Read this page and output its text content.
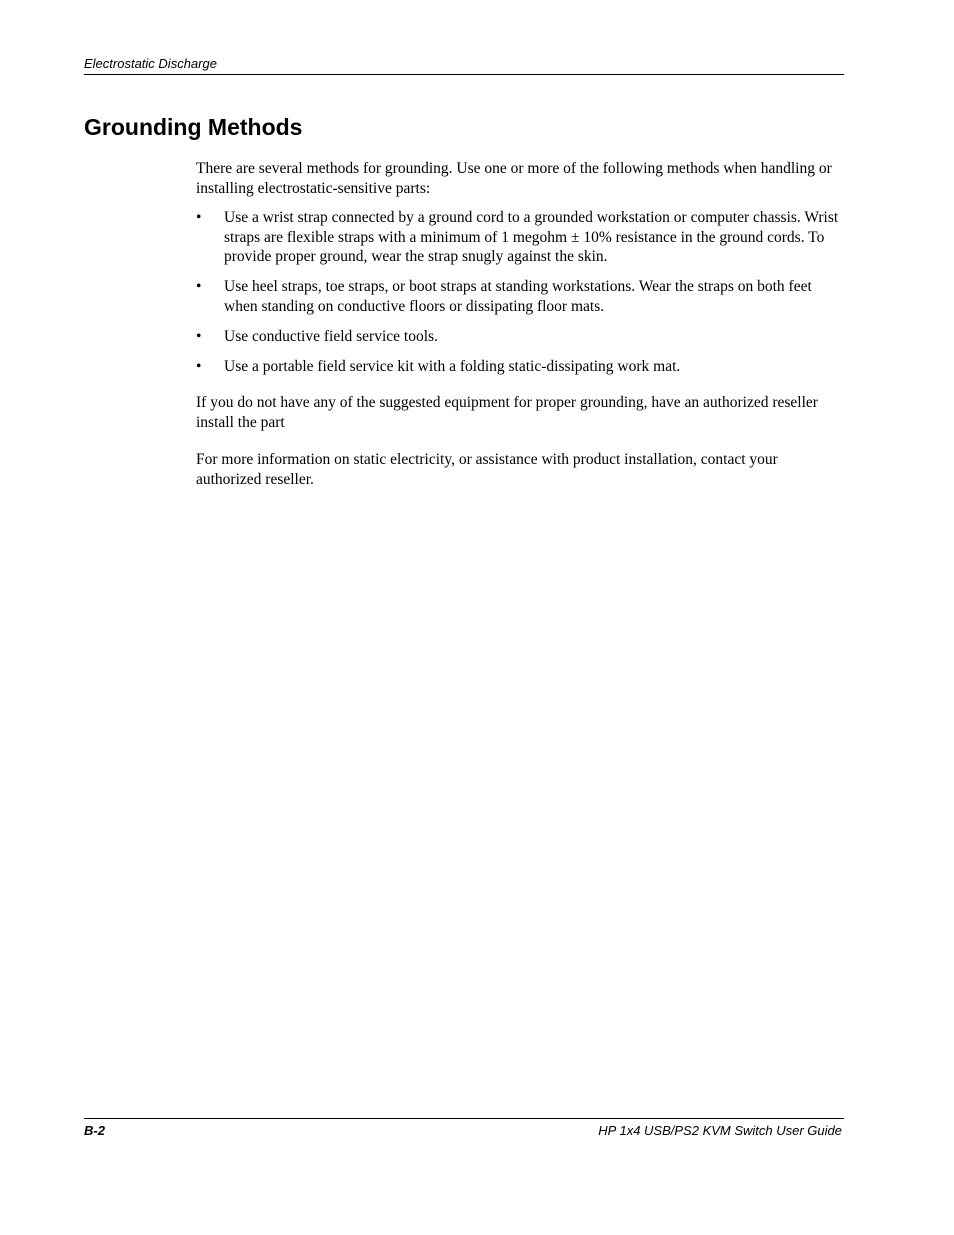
Electrostatic Discharge
Grounding Methods

There are several methods for grounding. Use one or more of the following methods when handling or installing electrostatic-sensitive parts:

• Use a wrist strap connected by a ground cord to a grounded workstation or computer chassis. Wrist straps are flexible straps with a minimum of 1 megohm ± 10% resistance in the ground cords. To provide proper ground, wear the strap snugly against the skin.
• Use heel straps, toe straps, or boot straps at standing workstations. Wear the straps on both feet when standing on conductive floors or dissipating floor mats.
• Use conductive field service tools.
• Use a portable field service kit with a folding static-dissipating work mat.

If you do not have any of the suggested equipment for proper grounding, have an authorized reseller install the part

For more information on static electricity, or assistance with product installation, contact your authorized reseller.

B-2	HP 1x4 USB/PS2 KVM Switch User Guide
